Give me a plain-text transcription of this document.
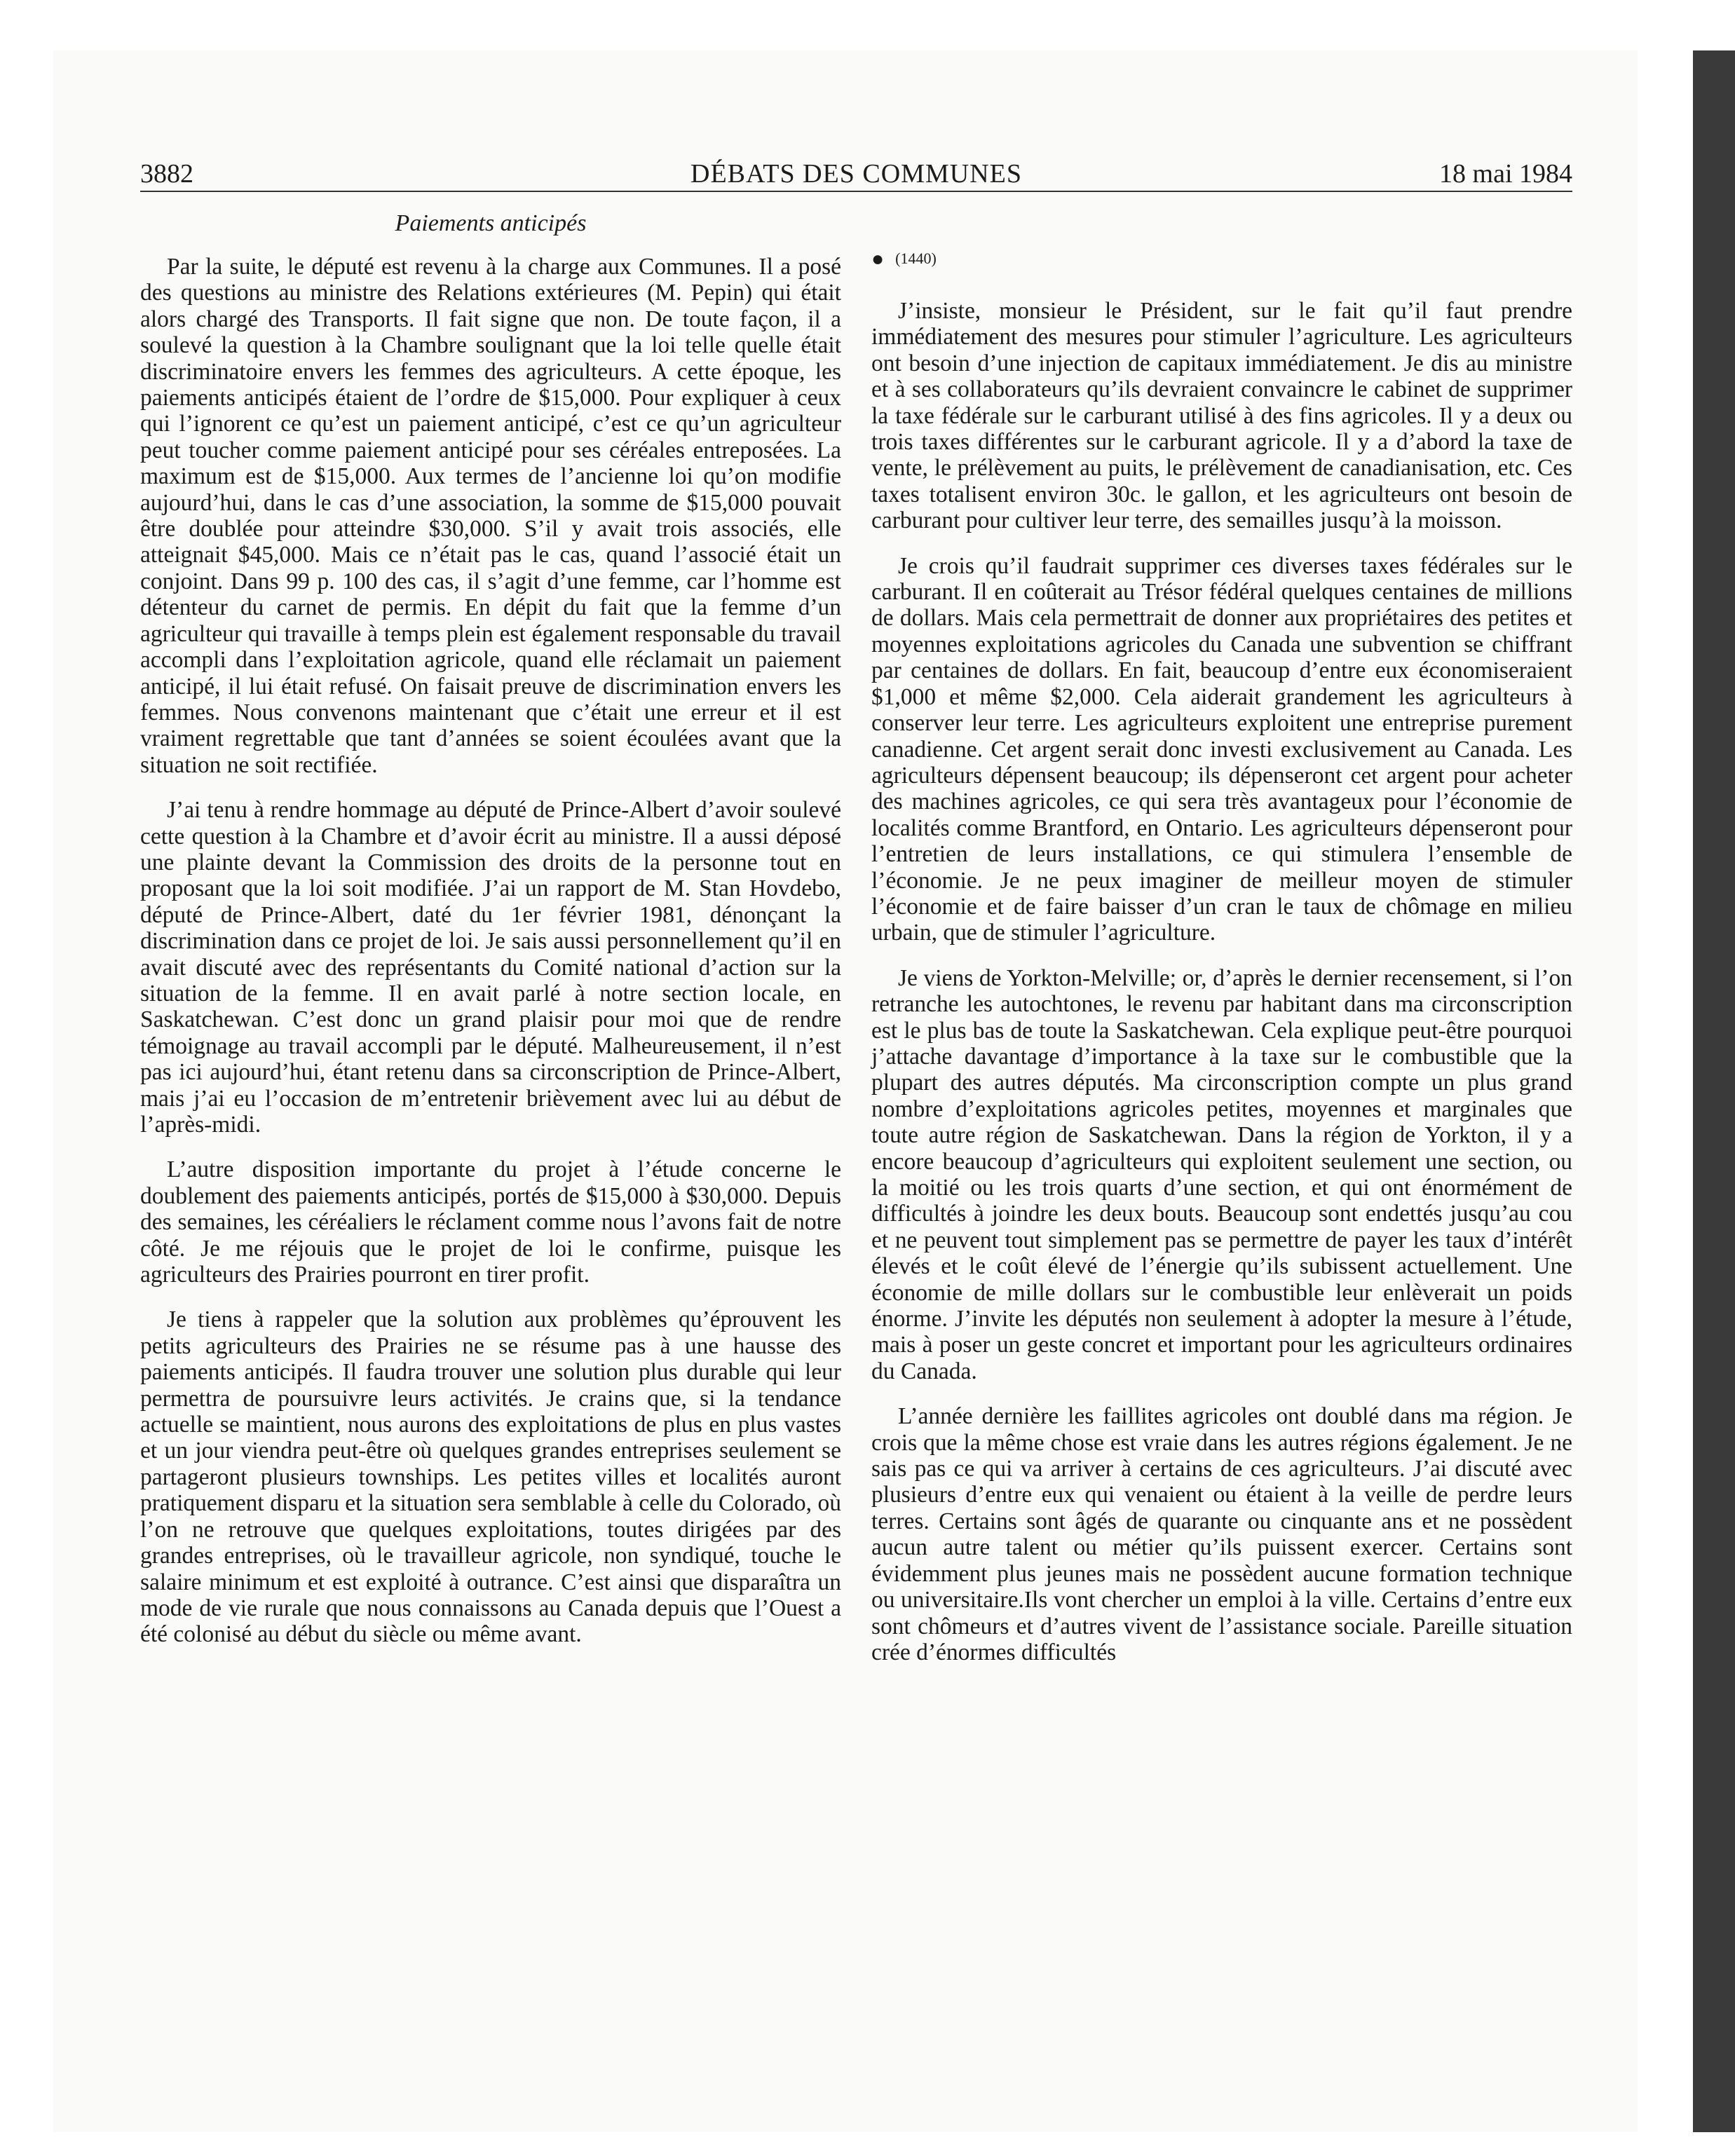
3882	DÉBATS DES COMMUNES	18 mai 1984
Paiements anticipés

Par la suite, le député est revenu à la charge aux Communes. Il a posé des questions au ministre des Relations extérieures (M. Pepin) qui était alors chargé des Transports. Il fait signe que non. De toute façon, il a soulevé la question à la Chambre soulignant que la loi telle quelle était discriminatoire envers les femmes des agriculteurs. A cette époque, les paiements anticipés étaient de l’ordre de $15,000. Pour expliquer à ceux qui l’ignorent ce qu’est un paiement anticipé, c’est ce qu’un agriculteur peut toucher comme paiement anticipé pour ses céréales entreposées. La maximum est de $15,000. Aux termes de l’ancienne loi qu’on modifie aujourd’hui, dans le cas d’une association, la somme de $15,000 pouvait être doublée pour atteindre $30,000. S’il y avait trois associés, elle atteignait $45,000. Mais ce n’était pas le cas, quand l’associé était un conjoint. Dans 99 p. 100 des cas, il s’agit d’une femme, car l’homme est détenteur du carnet de permis. En dépit du fait que la femme d’un agriculteur qui travaille à temps plein est également responsable du travail accompli dans l’exploitation agricole, quand elle réclamait un paiement anticipé, il lui était refusé. On faisait preuve de discrimination envers les femmes. Nous convenons maintenant que c’était une erreur et il est vraiment regrettable que tant d’années se soient écoulées avant que la situation ne soit rectifiée.

J’ai tenu à rendre hommage au député de Prince-Albert d’avoir soulevé cette question à la Chambre et d’avoir écrit au ministre. Il a aussi déposé une plainte devant la Commission des droits de la personne tout en proposant que la loi soit modifiée. J’ai un rapport de M. Stan Hovdebo, député de Prince-Albert, daté du 1er février 1981, dénonçant la discrimination dans ce projet de loi. Je sais aussi personnellement qu’il en avait discuté avec des représentants du Comité national d’action sur la situation de la femme. Il en avait parlé à notre section locale, en Saskatchewan. C’est donc un grand plaisir pour moi que de rendre témoignage au travail accompli par le député. Malheureusement, il n’est pas ici aujourd’hui, étant retenu dans sa circonscription de Prince-Albert, mais j’ai eu l’occasion de m’entretenir brièvement avec lui au début de l’après-midi.

L’autre disposition importante du projet à l’étude concerne le doublement des paiements anticipés, portés de $15,000 à $30,000. Depuis des semaines, les céréaliers le réclament comme nous l’avons fait de notre côté. Je me réjouis que le projet de loi le confirme, puisque les agriculteurs des Prairies pourront en tirer profit.

Je tiens à rappeler que la solution aux problèmes qu’éprouvent les petits agriculteurs des Prairies ne se résume pas à une hausse des paiements anticipés. Il faudra trouver une solution plus durable qui leur permettra de poursuivre leurs activités. Je crains que, si la tendance actuelle se maintient, nous aurons des exploitations de plus en plus vastes et un jour viendra peut-être où quelques grandes entreprises seulement se partageront plusieurs townships. Les petites villes et localités auront pratiquement disparu et la situation sera semblable à celle du Colorado, où l’on ne retrouve que quelques exploitations, toutes dirigées par des grandes entreprises, où le travailleur agricole, non syndiqué, touche le salaire minimum et est exploité à outrance. C’est ainsi que disparaîtra un mode de vie rurale que nous connaissons au Canada depuis que l’Ouest a été colonisé au début du siècle ou même avant.

● (1440)

J’insiste, monsieur le Président, sur le fait qu’il faut prendre immédiatement des mesures pour stimuler l’agriculture. Les agriculteurs ont besoin d’une injection de capitaux immédiatement. Je dis au ministre et à ses collaborateurs qu’ils devraient convaincre le cabinet de supprimer la taxe fédérale sur le carburant utilisé à des fins agricoles. Il y a deux ou trois taxes différentes sur le carburant agricole. Il y a d’abord la taxe de vente, le prélèvement au puits, le prélèvement de canadianisation, etc. Ces taxes totalisent environ 30c. le gallon, et les agriculteurs ont besoin de carburant pour cultiver leur terre, des semailles jusqu’à la moisson.

Je crois qu’il faudrait supprimer ces diverses taxes fédérales sur le carburant. Il en coûterait au Trésor fédéral quelques centaines de millions de dollars. Mais cela permettrait de donner aux propriétaires des petites et moyennes exploitations agricoles du Canada une subvention se chiffrant par centaines de dollars. En fait, beaucoup d’entre eux économiseraient $1,000 et même $2,000. Cela aiderait grandement les agriculteurs à conserver leur terre. Les agriculteurs exploitent une entreprise purement canadienne. Cet argent serait donc investi exclusivement au Canada. Les agriculteurs dépensent beaucoup; ils dépenseront cet argent pour acheter des machines agricoles, ce qui sera très avantageux pour l’économie de localités comme Brantford, en Ontario. Les agriculteurs dépenseront pour l’entretien de leurs installations, ce qui stimulera l’ensemble de l’économie. Je ne peux imaginer de meilleur moyen de stimuler l’économie et de faire baisser d’un cran le taux de chômage en milieu urbain, que de stimuler l’agriculture.

Je viens de Yorkton-Melville; or, d’après le dernier recensement, si l’on retranche les autochtones, le revenu par habitant dans ma circonscription est le plus bas de toute la Saskatchewan. Cela explique peut-être pourquoi j’attache davantage d’importance à la taxe sur le combustible que la plupart des autres députés. Ma circonscription compte un plus grand nombre d’exploitations agricoles petites, moyennes et marginales que toute autre région de Saskatchewan. Dans la région de Yorkton, il y a encore beaucoup d’agriculteurs qui exploitent seulement une section, ou la moitié ou les trois quarts d’une section, et qui ont énormément de difficultés à joindre les deux bouts. Beaucoup sont endettés jusqu’au cou et ne peuvent tout simplement pas se permettre de payer les taux d’intérêt élevés et le coût élevé de l’énergie qu’ils subissent actuellement. Une économie de mille dollars sur le combustible leur enlèverait un poids énorme. J’invite les députés non seulement à adopter la mesure à l’étude, mais à poser un geste concret et important pour les agriculteurs ordinaires du Canada.

L’année dernière les faillites agricoles ont doublé dans ma région. Je crois que la même chose est vraie dans les autres régions également. Je ne sais pas ce qui va arriver à certains de ces agriculteurs. J’ai discuté avec plusieurs d’entre eux qui venaient ou étaient à la veille de perdre leurs terres. Certains sont âgés de quarante ou cinquante ans et ne possèdent aucun autre talent ou métier qu’ils puissent exercer. Certains sont évidemment plus jeunes mais ne possèdent aucune formation technique ou universitaire.Ils vont chercher un emploi à la ville. Certains d’entre eux sont chômeurs et d’autres vivent de l’assistance sociale. Pareille situation crée d’énormes difficultés
